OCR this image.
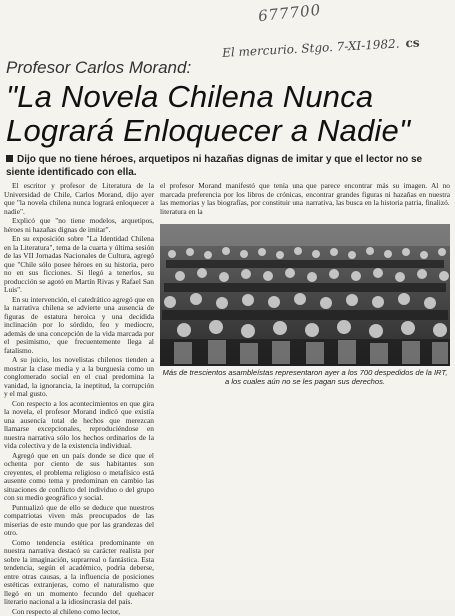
677700
El mercurio. Stgo. 7-XI-1982. cs
Profesor Carlos Morand:
"La Novela Chilena Nunca Logrará Enloquecer a Nadie"
Dijo que no tiene héroes, arquetipos ni hazañas dignas de imitar y que el lector no se siente identificado con ella.

El escritor y profesor de Literatura de la Universidad de Chile, Carlos Morand, dijo ayer que "la novela chilena nunca logrará enloquecer a nadie".

Explicó que "no tiene modelos, arquetipos, héroes ni hazañas dignas de imitar".

En su exposición sobre "La Identidad Chilena en la Literatura", tema de la cuarta y última sesión de las VII Jornadas Nacionales de Cultura, agregó que "Chile sólo posee héroes en su historia, pero no en sus ficciones. Si llegó a tenerlos, su producción se agotó en Martín Rivas y Rafael San Luis".

En su intervención, el catedrático agregó que en la narrativa chilena se advierte una ausencia de figuras de estatura heroica y una decidida inclinación por lo sórdido, feo y mediocre, además de una concepción de la vida marcada por el pesimismo, que frecuentemente llega al fatalismo.

A su juicio, los novelistas chilenos tienden a mostrar la clase media y a la burguesía como un conglomerado social en el cual predomina la vanidad, la ignorancia, la ineptitud, la corrupción y el mal gusto.

Con respecto a los acontecimientos en que gira la novela, el profesor Morand indicó que existía una ausencia total de hechos que merezcan llamarse excepcionales, reproduciéndose en nuestra narrativa sólo los hechos ordinarios de la vida colectiva y de la existencia individual.

Agregó que en un país donde se dice que el ochenta por ciento de sus habitantes son creyentes, el problema religioso o metafísico está ausente como tema y predominan en cambio las situaciones de conflicto del individuo o del grupo con su medio geográfico y social.

Puntualizó que de ello se deduce que nuestros compatriotas viven más preocupados de las miserias de este mundo que por las grandezas del otro.

Como tendencia estética predominante en nuestra narrativa destacó su carácter realista por sobre la imaginación, suprarreal o fantástica. Esta tendencia, según el académico, podría deberse, entre otras causas, a la influencia de posiciones estéticas extranjeras, como el naturalismo que llegó en un momento fecundo del quehacer literario nacional a la idiosincrasia del país.

Con respecto al chileno como lector,

el profesor Morand manifestó que tenía una marcada preferencia por los libros de crónicas, las memorias y las biografías, por constituir una literatura en la

que parece encontrar más su imagen. Al no encontrar grandes figuras ni hazañas en nuestra narrativa, las busca en la historia patria, finalizó.

Más de trescientos asambleístas representaron ayer a los 700 despedidos de la IRT, a los cuales aún no se les pagan sus derechos.
